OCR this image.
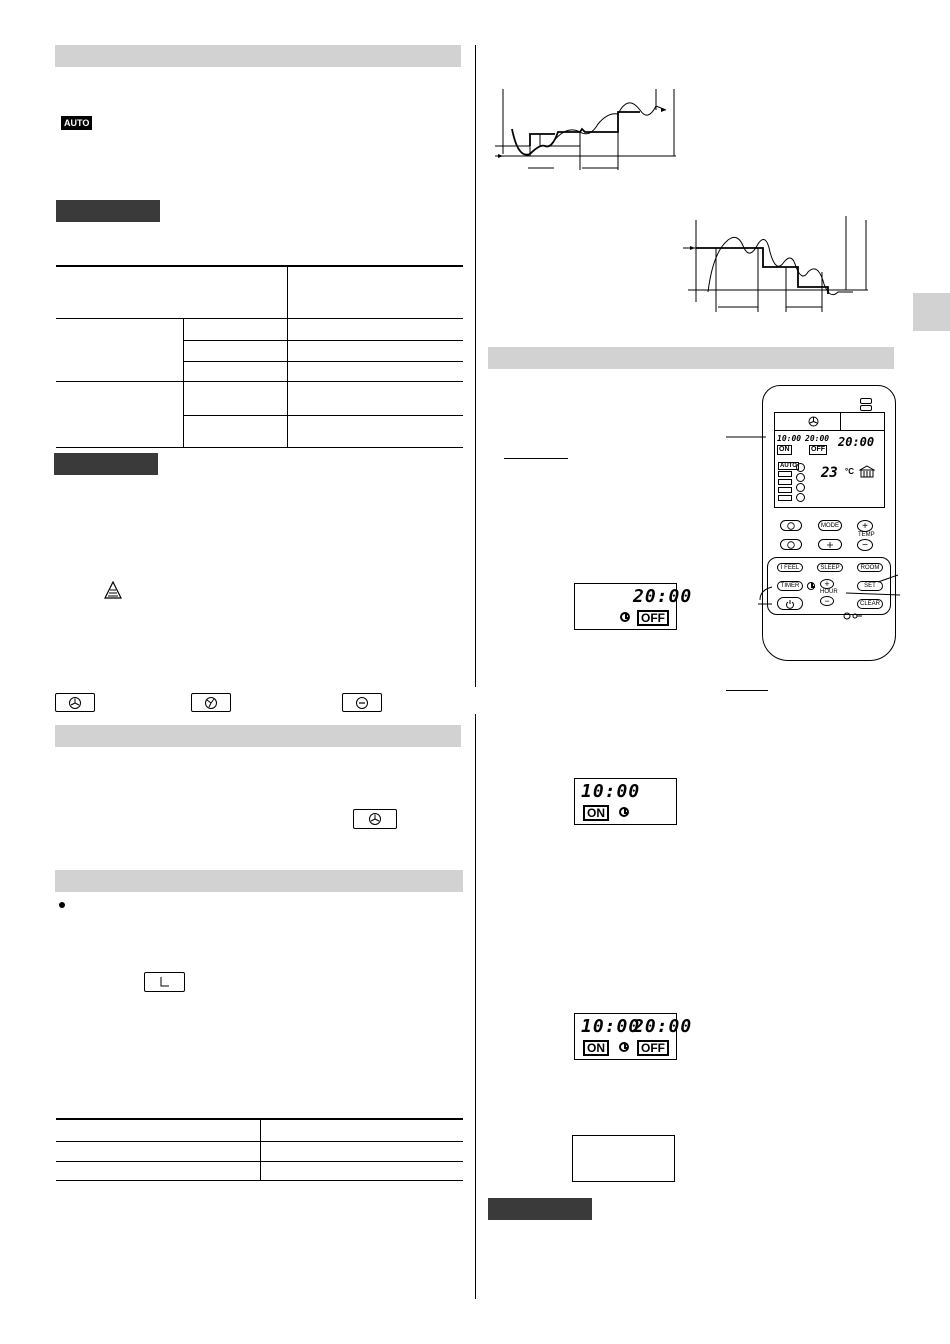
AUTO
20:00
OFF
10:00
ON
10:00
20:00
ON	OFF
10:00
ON
20:00
OFF
20:00
AUTO 23 °C
MODE	+
TEMP
−
I FEEL	SLEEP	ROOM
TIMER	+
HOUR
−
SET
CLEAR
